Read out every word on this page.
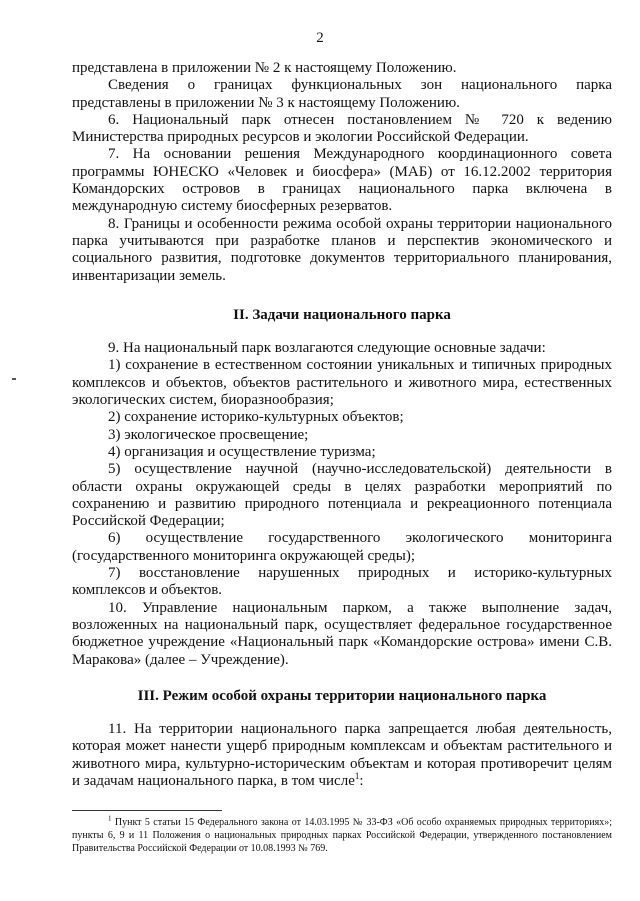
2

представлена в приложении № 2 к настоящему Положению.

Сведения о границах функциональных зон национального парка представлены в приложении № 3 к настоящему Положению.

6. Национальный парк отнесен постановлением № 720 к ведению Министерства природных ресурсов и экологии Российской Федерации.

7. На основании решения Международного координационного совета программы ЮНЕСКО «Человек и биосфера» (МАБ) от 16.12.2002 территория Командорских островов в границах национального парка включена в международную систему биосферных резерватов.

8. Границы и особенности режима особой охраны территории национального парка учитываются при разработке планов и перспектив экономического и социального развития, подготовке документов территориального планирования, инвентаризации земель.

II. Задачи национального парка

9. На национальный парк возлагаются следующие основные задачи:

1) сохранение в естественном состоянии уникальных и типичных природных комплексов и объектов, объектов растительного и животного мира, естественных экологических систем, биоразнообразия;

2) сохранение историко-культурных объектов;

3) экологическое просвещение;

4) организация и осуществление туризма;

5) осуществление научной (научно-исследовательской) деятельности в области охраны окружающей среды в целях разработки мероприятий по сохранению и развитию природного потенциала и рекреационного потенциала Российской Федерации;

6) осуществление государственного экологического мониторинга (государственного мониторинга окружающей среды);

7) восстановление нарушенных природных и историко-культурных комплексов и объектов.

10. Управление национальным парком, а также выполнение задач, возложенных на национальный парк, осуществляет федеральное государственное бюджетное учреждение «Национальный парк «Командорские острова» имени С.В. Маракова» (далее – Учреждение).

III. Режим особой охраны территории национального парка

11. На территории национального парка запрещается любая деятельность, которая может нанести ущерб природным комплексам и объектам растительного и животного мира, культурно-историческим объектам и которая противоречит целям и задачам национального парка, в том числе$^1$:

$^1$ Пункт 5 статьи 15 Федерального закона от 14.03.1995 № 33-ФЗ «Об особо охраняемых природных территориях»; пункты 6, 9 и 11 Положения о национальных природных парках Российской Федерации, утвержденного постановлением Правительства Российской Федерации от 10.08.1993 № 769.
